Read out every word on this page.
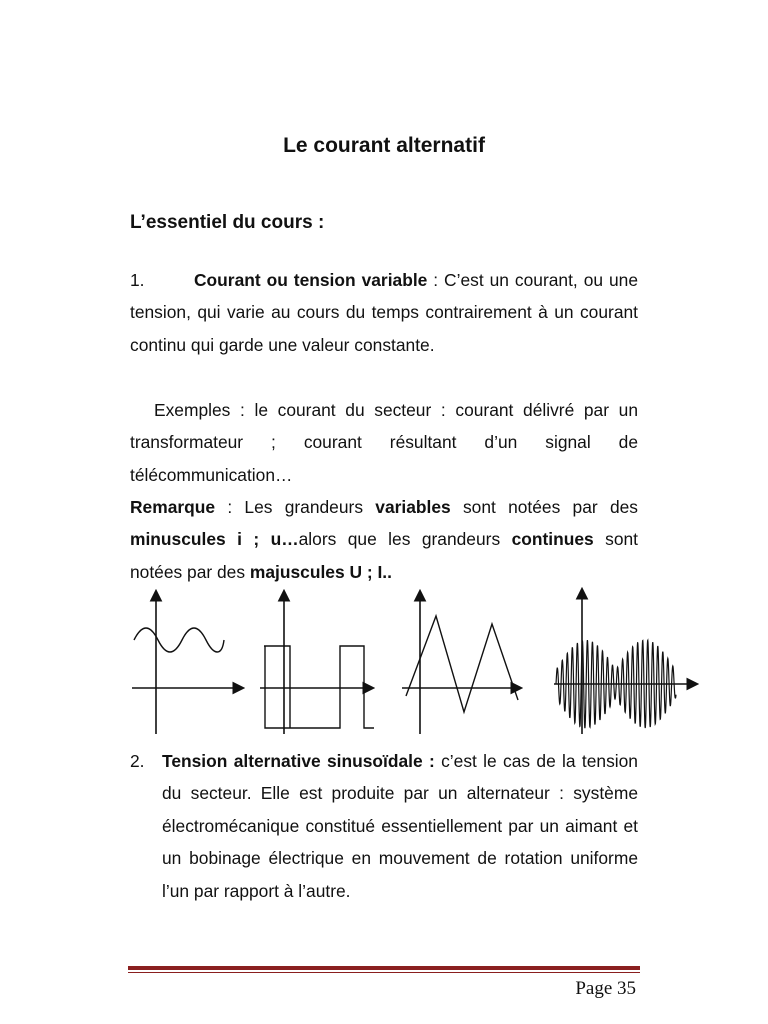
Le courant alternatif
L’essentiel du cours :

1.	Courant ou tension variable : C’est un courant, ou une tension, qui varie au cours du temps contrairement à un courant continu qui garde une valeur constante.

Exemples : le courant du secteur : courant délivré par un transformateur ; courant résultant d’un signal de télécommunication…

Remarque : Les grandeurs variables sont notées par des minuscules i ; u…alors que les grandeurs continues sont notées par des majuscules U ; I..

2. Tension alternative sinusoïdale : c’est le cas de la tension du secteur. Elle est produite par un alternateur : système électromécanique constitué essentiellement par un aimant et un bobinage électrique en mouvement de rotation uniforme l’un par rapport à l’autre.
Page 35
